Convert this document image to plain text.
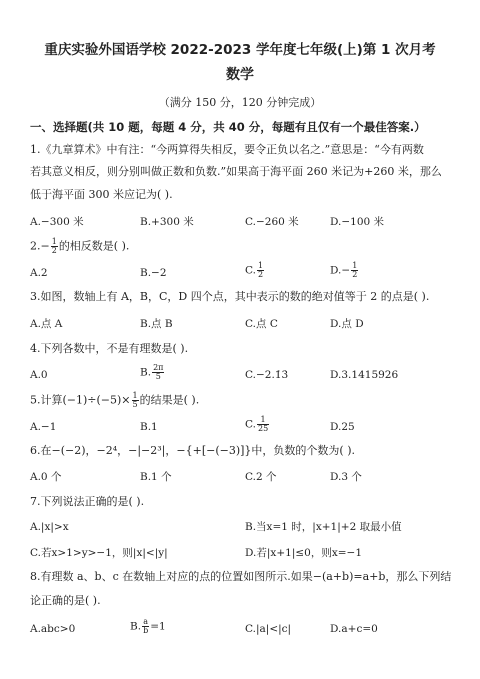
重庆实验外国语学校 2022-2023 学年度七年级(上)第 1 次月考
数学
（满分 150 分，120 分钟完成）
一、选择题(共 10 题，每题 4 分，共 40 分，每题有且仅有一个最佳答案.）
1.《九章算术》中有注：“今两算得失相反，要令正负以名之.”意思是：“今有两数
若其意义相反，则分别叫做正数和负数.”如果高于海平面 260 米记为+260 米，那么
低于海平面 300 米应记为( ).
A.−300 米	B.+300 米	C.−260 米	D.−100 米
$2.- \frac{1}{2}$ 的相反数是( ).
A.2	B.−2	C. $\frac{1}{2}$	$D.- \frac{1}{2}$
3.如图，数轴上有 A，B，C，D 四个点，其中表示的数的绝对值等于 2 的点是( ).
A.点 A	B.点 B	C.点 C	D.点 D
4.下列各数中，不是有理数是( ).
A.0	B. $\frac{2\pi}{5}$	C.−2.1̇3̇	D.3.1415926
5.计算$(-1)\div(-5)\times \frac{1}{5}$ 的结果是( ).
A.−1	B.1	C. $\frac{1}{25}$	D.25
6.在−(−2)，−2⁴，−|−2³|，−{+[−(−3)]}中，负数的个数为( ).
A.0 个	B.1 个	C.2 个	D.3 个
7.下列说法正确的是( ).
A.|x|>x	B.当x=1 时，|x+1|+2 取最小值
C.若x>1>y>−1，则|x|<|y|	D.若|x+1|≤0，则x=−1
8.有理数 a、b、c 在数轴上对应的点的位置如图所示.如果−(a+b)=a+b，那么下列结
论正确的是( ).
A.abc>0	B. $\frac{a}{b} =1$	C.|a|<|c|	D.a+c=0
